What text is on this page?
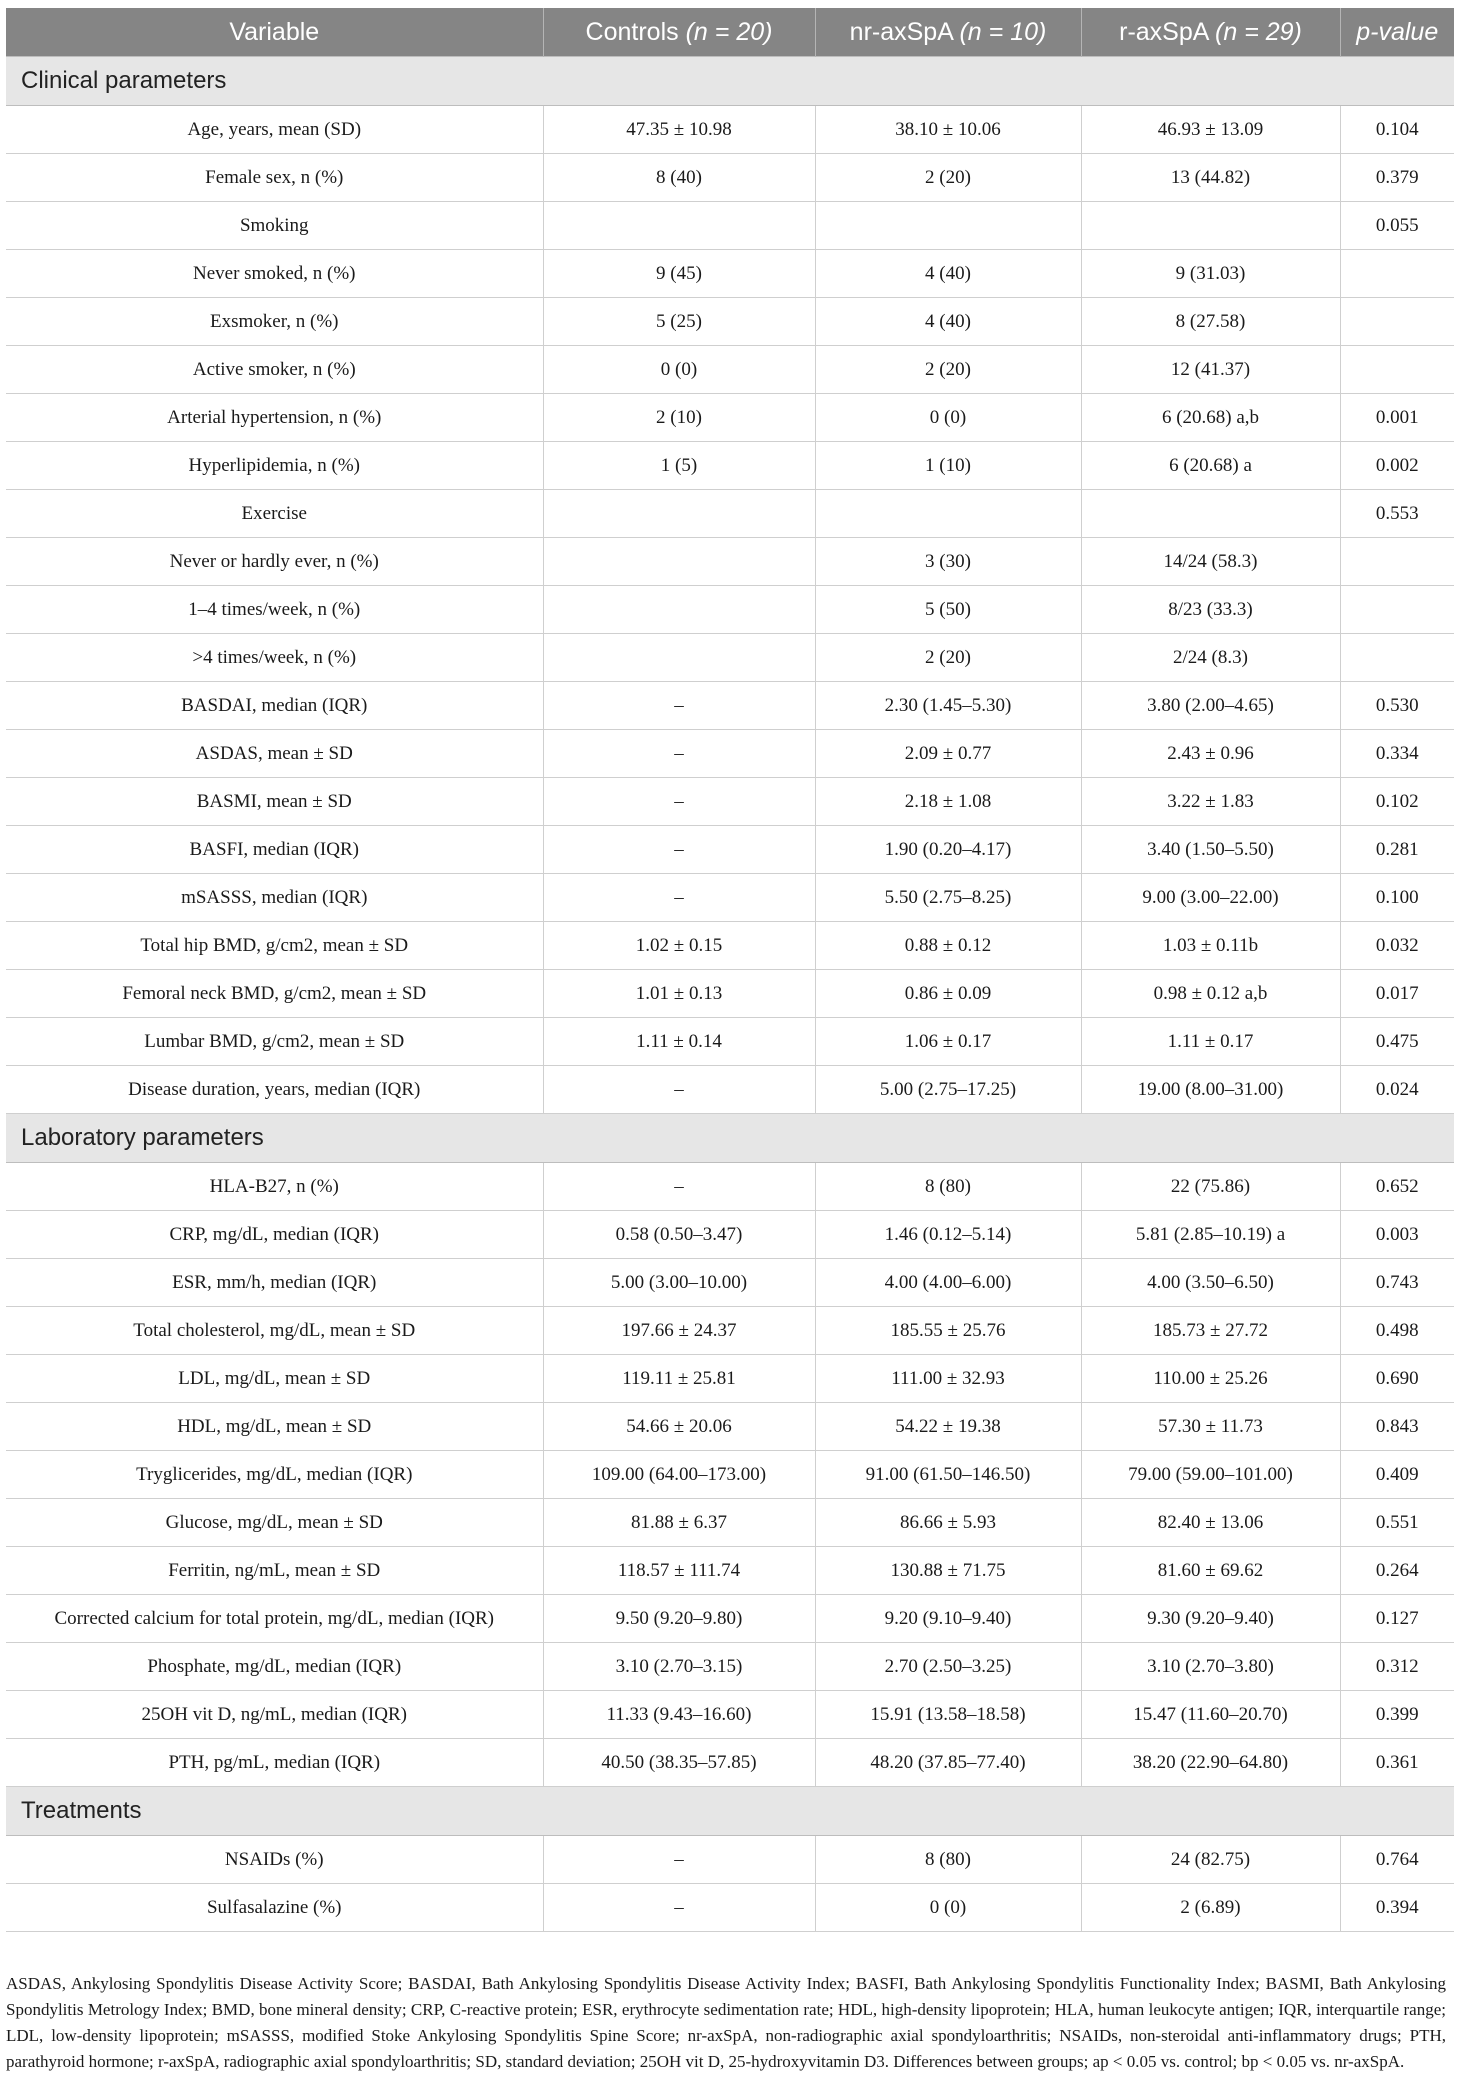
Variable	Controls (n = 20)	nr-axSpA (n = 10)	r-axSpA (n = 29)	p-value
Clinical parameters				
Age, years, mean (SD)	47.35 ± 10.98	38.10 ± 10.06	46.93 ± 13.09	0.104
Female sex, n (%)	8 (40)	2 (20)	13 (44.82)	0.379
Smoking				0.055
Never smoked, n (%)	9 (45)	4 (40)	9 (31.03)	
Exsmoker, n (%)	5 (25)	4 (40)	8 (27.58)	
Active smoker, n (%)	0 (0)	2 (20)	12 (41.37)	
Arterial hypertension, n (%)	2 (10)	0 (0)	6 (20.68) a,b	0.001
Hyperlipidemia, n (%)	1 (5)	1 (10)	6 (20.68) a	0.002
Exercise				0.553
Never or hardly ever, n (%)		3 (30)	14/24 (58.3)	
1–4 times/week, n (%)		5 (50)	8/23 (33.3)	
>4 times/week, n (%)		2 (20)	2/24 (8.3)	
BASDAI, median (IQR)	–	2.30 (1.45–5.30)	3.80 (2.00–4.65)	0.530
ASDAS, mean ± SD	–	2.09 ± 0.77	2.43 ± 0.96	0.334
BASMI, mean ± SD	–	2.18 ± 1.08	3.22 ± 1.83	0.102
BASFI, median (IQR)	–	1.90 (0.20–4.17)	3.40 (1.50–5.50)	0.281
mSASSS, median (IQR)	–	5.50 (2.75–8.25)	9.00 (3.00–22.00)	0.100
Total hip BMD, g/cm2, mean ± SD	1.02 ± 0.15	0.88 ± 0.12	1.03 ± 0.11b	0.032
Femoral neck BMD, g/cm2, mean ± SD	1.01 ± 0.13	0.86 ± 0.09	0.98 ± 0.12 a,b	0.017
Lumbar BMD, g/cm2, mean ± SD	1.11 ± 0.14	1.06 ± 0.17	1.11 ± 0.17	0.475
Disease duration, years, median (IQR)	–	5.00 (2.75–17.25)	19.00 (8.00–31.00)	0.024
Laboratory parameters				
HLA-B27, n (%)	–	8 (80)	22 (75.86)	0.652
CRP, mg/dL, median (IQR)	0.58 (0.50–3.47)	1.46 (0.12–5.14)	5.81 (2.85–10.19) a	0.003
ESR, mm/h, median (IQR)	5.00 (3.00–10.00)	4.00 (4.00–6.00)	4.00 (3.50–6.50)	0.743
Total cholesterol, mg/dL, mean ± SD	197.66 ± 24.37	185.55 ± 25.76	185.73 ± 27.72	0.498
LDL, mg/dL, mean ± SD	119.11 ± 25.81	111.00 ± 32.93	110.00 ± 25.26	0.690
HDL, mg/dL, mean ± SD	54.66 ± 20.06	54.22 ± 19.38	57.30 ± 11.73	0.843
Tryglicerides, mg/dL, median (IQR)	109.00 (64.00–173.00)	91.00 (61.50–146.50)	79.00 (59.00–101.00)	0.409
Glucose, mg/dL, mean ± SD	81.88 ± 6.37	86.66 ± 5.93	82.40 ± 13.06	0.551
Ferritin, ng/mL, mean ± SD	118.57 ± 111.74	130.88 ± 71.75	81.60 ± 69.62	0.264
Corrected calcium for total protein, mg/dL, median (IQR)	9.50 (9.20–9.80)	9.20 (9.10–9.40)	9.30 (9.20–9.40)	0.127
Phosphate, mg/dL, median (IQR)	3.10 (2.70–3.15)	2.70 (2.50–3.25)	3.10 (2.70–3.80)	0.312
25OH vit D, ng/mL, median (IQR)	11.33 (9.43–16.60)	15.91 (13.58–18.58)	15.47 (11.60–20.70)	0.399
PTH, pg/mL, median (IQR)	40.50 (38.35–57.85)	48.20 (37.85–77.40)	38.20 (22.90–64.80)	0.361
Treatments				
NSAIDs (%)	–	8 (80)	24 (82.75)	0.764
Sulfasalazine (%)	–	0 (0)	2 (6.89)	0.394
ASDAS, Ankylosing Spondylitis Disease Activity Score; BASDAI, Bath Ankylosing Spondylitis Disease Activity Index; BASFI, Bath Ankylosing Spondylitis Functionality Index; BASMI, Bath Ankylosing Spondylitis Metrology Index; BMD, bone mineral density; CRP, C-reactive protein; ESR, erythrocyte sedimentation rate; HDL, high-density lipoprotein; HLA, human leukocyte antigen; IQR, interquartile range; LDL, low-density lipoprotein; mSASSS, modified Stoke Ankylosing Spondylitis Spine Score; nr-axSpA, non-radiographic axial spondyloarthritis; NSAIDs, non-steroidal anti-inflammatory drugs; PTH, parathyroid hormone; r-axSpA, radiographic axial spondyloarthritis; SD, standard deviation; 25OH vit D, 25-hydroxyvitamin D3. Differences between groups; ap < 0.05 vs. control; bp < 0.05 vs. nr-axSpA.
